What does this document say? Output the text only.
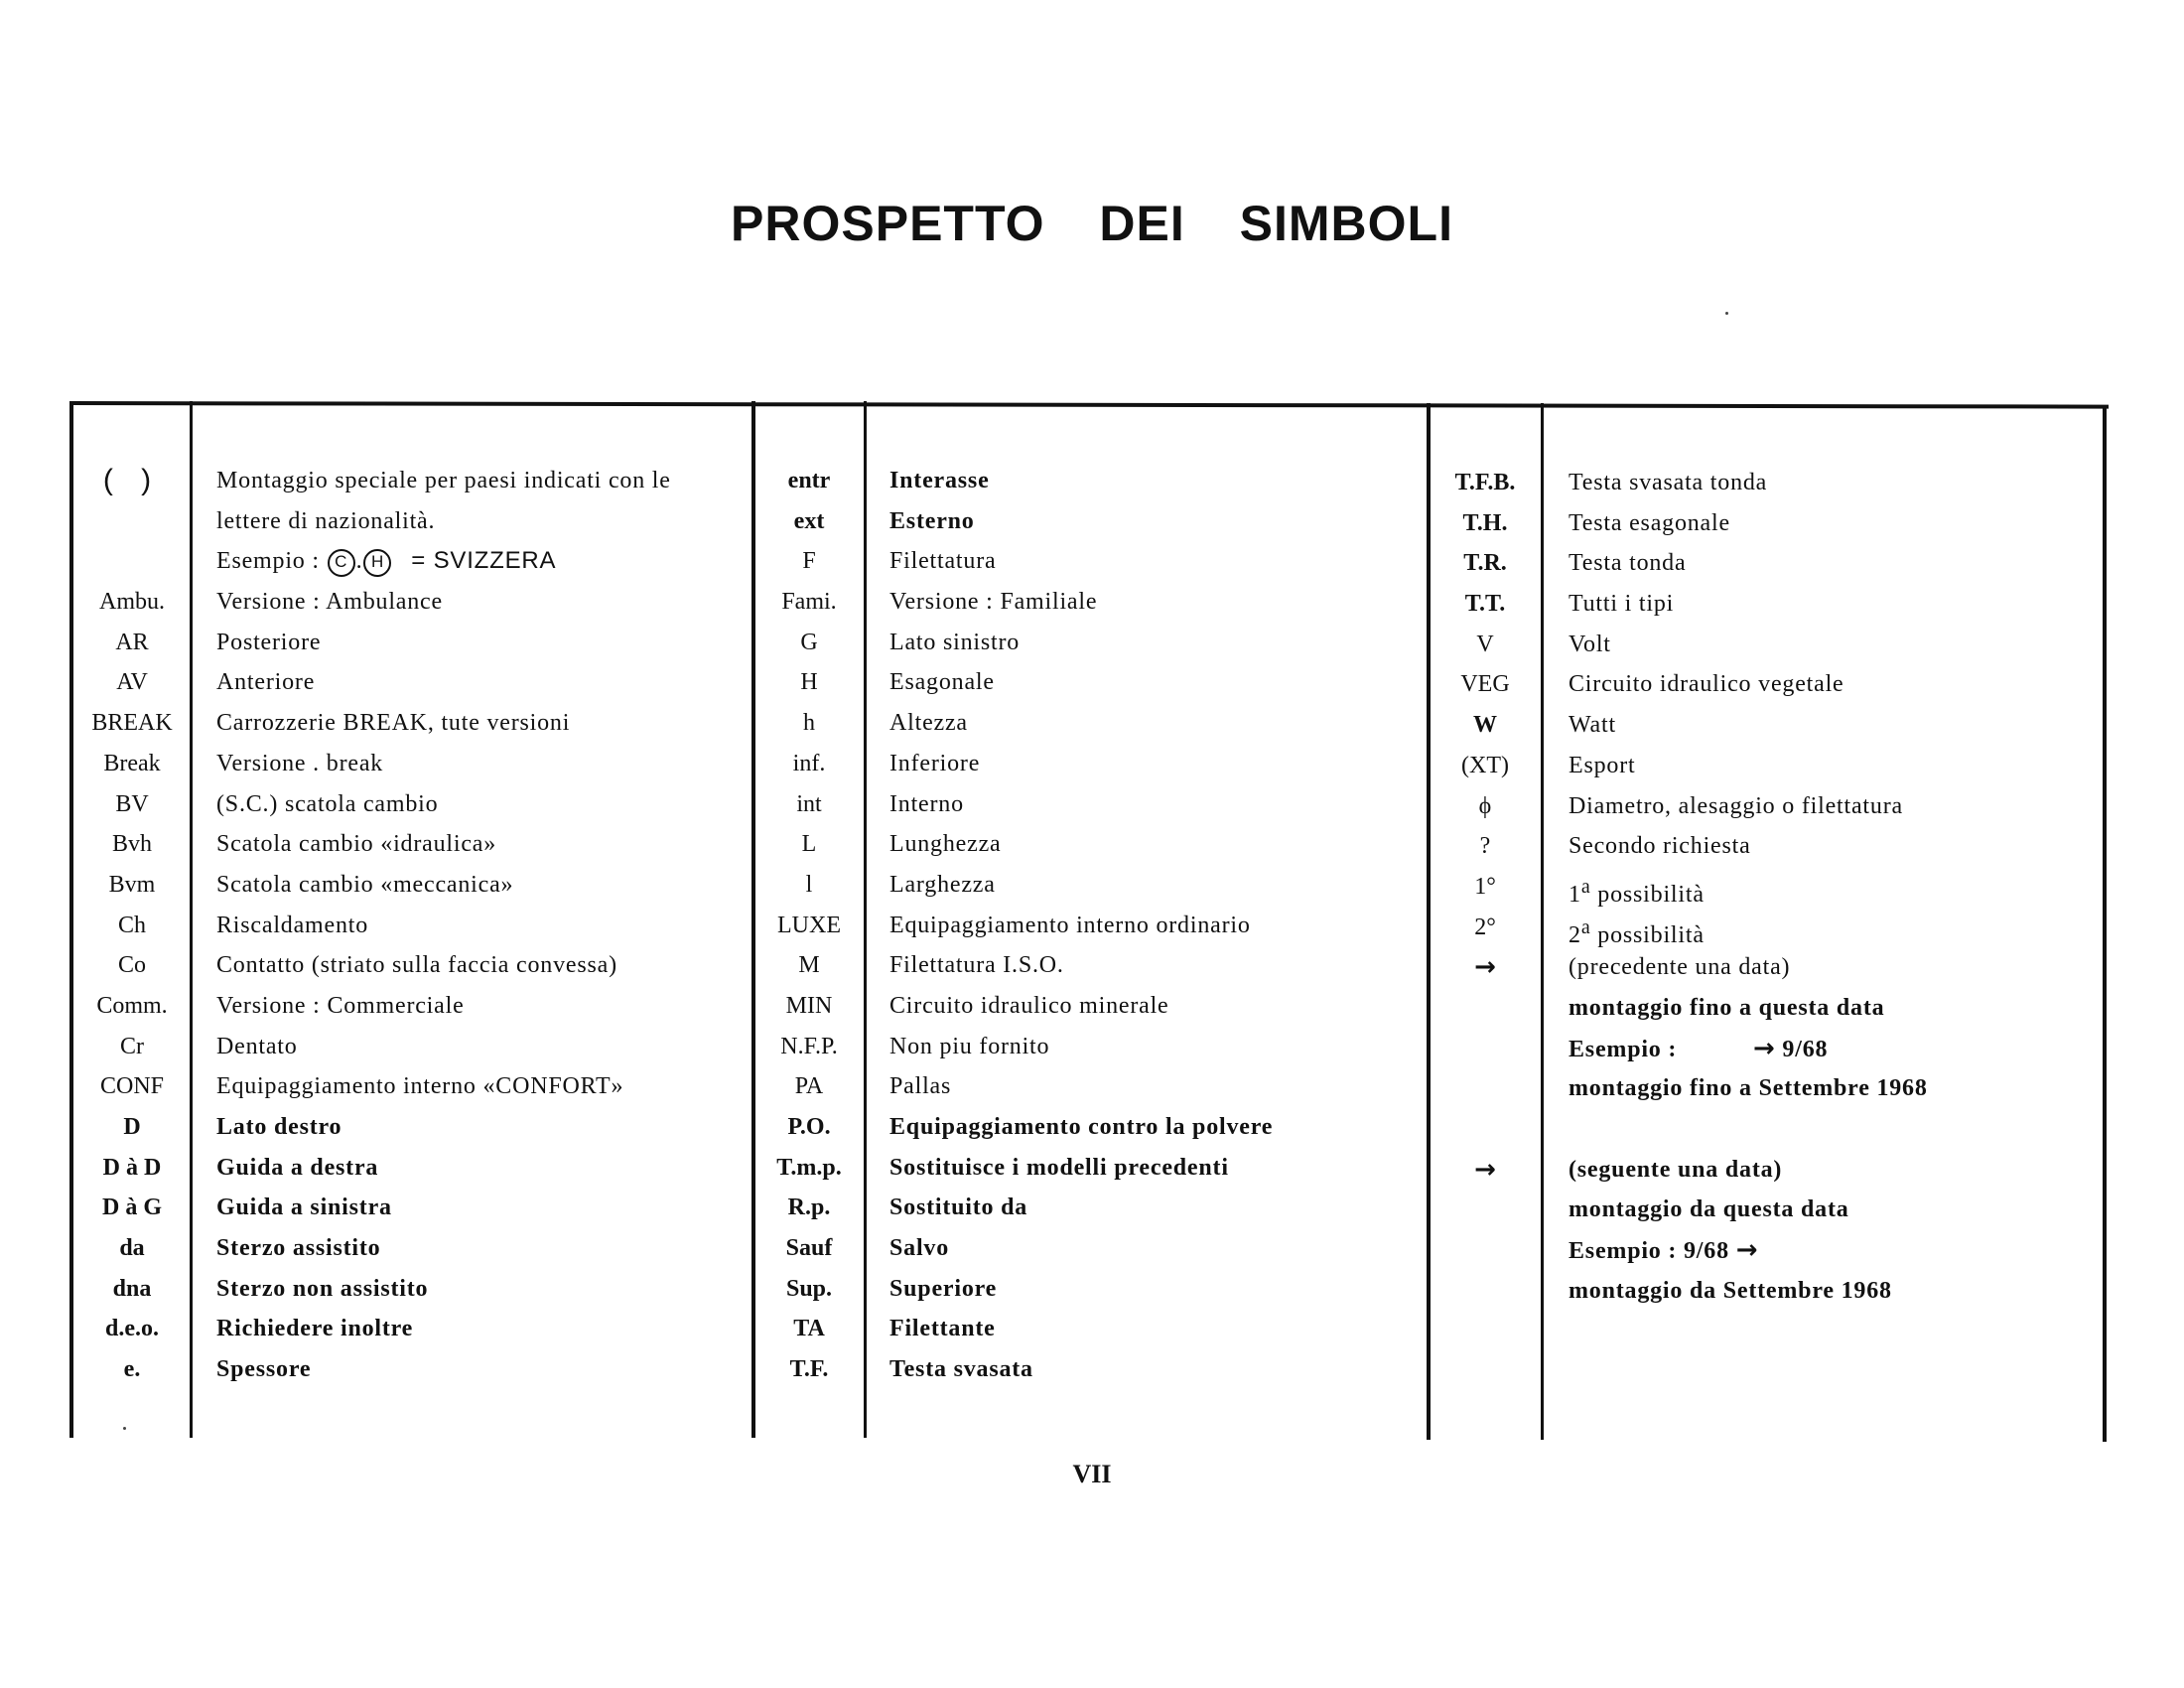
PROSPETTO DEI SIMBOLI
( )
Ambu.
AR
AV
BREAK
Break
BV
Bvh
Bvm
Ch
Co
Comm.
Cr
CONF
D
D à D
D à G
da
dna
d.e.o.
e.
Montaggio speciale per paesi indicati con le
lettere di nazionalità.
Esempio : C . H = SVIZZERA
Versione : Ambulance
Posteriore
Anteriore
Carrozzerie BREAK, tute versioni
Versione . break
(S.C.) scatola cambio
Scatola cambio «idraulica»
Scatola cambio «meccanica»
Riscaldamento
Contatto (striato sulla faccia convessa)
Versione : Commerciale
Dentato
Equipaggiamento interno «CONFORT»
Lato destro
Guida a destra
Guida a sinistra
Sterzo assistito
Sterzo non assistito
Richiedere inoltre
Spessore
entr
ext
F
Fami.
G
H
h
inf.
int
L
l
LUXE
M
MIN
N.F.P.
PA
P.O.
T.m.p.
R.p.
Sauf
Sup.
TA
T.F.
Interasse
Esterno
Filettatura
Versione : Familiale
Lato sinistro
Esagonale
Altezza
Inferiore
Interno
Lunghezza
Larghezza
Equipaggiamento interno ordinario
Filettatura I.S.O.
Circuito idraulico minerale
Non piu fornito
Pallas
Equipaggiamento contro la polvere
Sostituisce i modelli precedenti
Sostituito da
Salvo
Superiore
Filettante
Testa svasata
T.F.B.
T.H.
T.R.
T.T.
V
VEG
W
(XT)
ϕ
?
1°
2°
→
→
Testa svasata tonda
Testa esagonale
Testa tonda
Tutti i tipi
Volt
Circuito idraulico vegetale
Watt
Esport
Diametro, alesaggio o filettatura
Secondo richiesta
1$^a$ possibilità
2$^a$ possibilità
(precedente una data)
montaggio fino a questa data
Esempio :	→ 9/68
montaggio fino a Settembre 1968
(seguente una data)
montaggio da questa data
Esempio : 9/68 →
montaggio da Settembre 1968
VII
